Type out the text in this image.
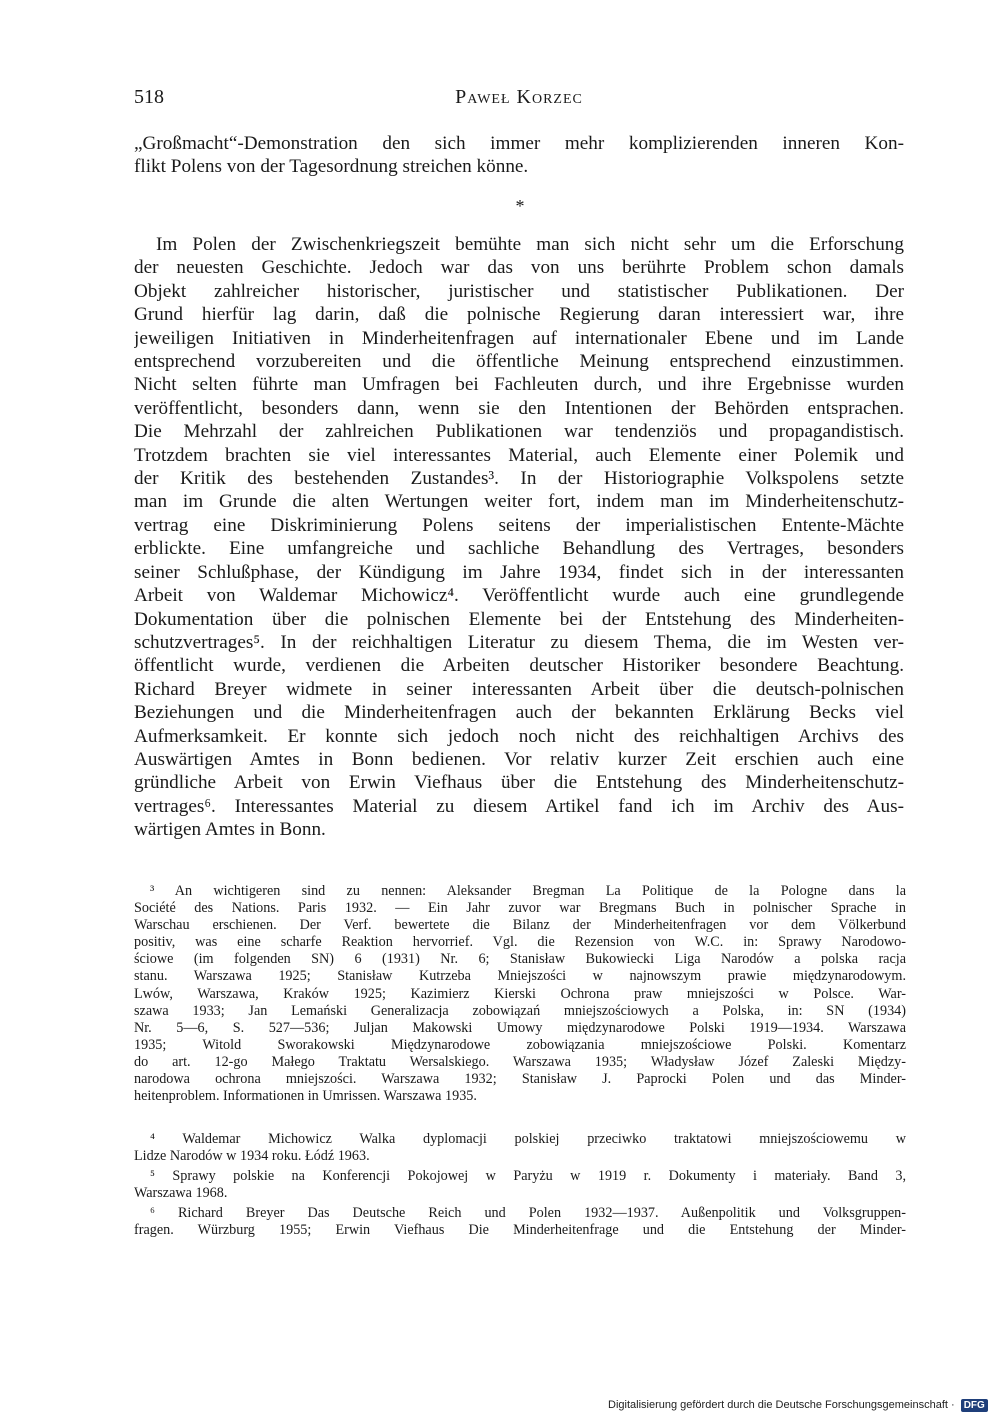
518	Paweł Korzec
„Großmacht“-Demonstration den sich immer mehr komplizierenden inneren Kon-
flikt Polens von der Tagesordnung streichen könne.
*
Im Polen der Zwischenkriegszeit bemühte man sich nicht sehr um die Erforschung
der neuesten Geschichte. Jedoch war das von uns berührte Problem schon damals
Objekt zahlreicher historischer, juristischer und statistischer Publikationen. Der
Grund hierfür lag darin, daß die polnische Regierung daran interessiert war, ihre
jeweiligen Initiativen in Minderheitenfragen auf internationaler Ebene und im Lande
entsprechend vorzubereiten und die öffentliche Meinung entsprechend einzustimmen.
Nicht selten führte man Umfragen bei Fachleuten durch, und ihre Ergebnisse wurden
veröffentlicht, besonders dann, wenn sie den Intentionen der Behörden entsprachen.
Die Mehrzahl der zahlreichen Publikationen war tendenziös und propagandistisch.
Trotzdem brachten sie viel interessantes Material, auch Elemente einer Polemik und
der Kritik des bestehenden Zustandes³. In der Historiographie Volkspolens setzte
man im Grunde die alten Wertungen weiter fort, indem man im Minderheitenschutz-
vertrag eine Diskriminierung Polens seitens der imperialistischen Entente-Mächte
erblickte. Eine umfangreiche und sachliche Behandlung des Vertrages, besonders
seiner Schlußphase, der Kündigung im Jahre 1934, findet sich in der interessanten
Arbeit von Waldemar Michowicz⁴. Veröffentlicht wurde auch eine grundlegende
Dokumentation über die polnischen Elemente bei der Entstehung des Minderheiten-
schutzvertrages⁵. In der reichhaltigen Literatur zu diesem Thema, die im Westen ver-
öffentlicht wurde, verdienen die Arbeiten deutscher Historiker besondere Beachtung.
Richard Breyer widmete in seiner interessanten Arbeit über die deutsch-polnischen
Beziehungen und die Minderheitenfragen auch der bekannten Erklärung Becks viel
Aufmerksamkeit. Er konnte sich jedoch noch nicht des reichhaltigen Archivs des
Auswärtigen Amtes in Bonn bedienen. Vor relativ kurzer Zeit erschien auch eine
gründliche Arbeit von Erwin Viefhaus über die Entstehung des Minderheitenschutz-
vertrages⁶. Interessantes Material zu diesem Artikel fand ich im Archiv des Aus-
wärtigen Amtes in Bonn.
³ An wichtigeren sind zu nennen: Aleksander Bregman La Politique de la Pologne dans la
Société des Nations. Paris 1932. — Ein Jahr zuvor war Bregmans Buch in polnischer Sprache in
Warschau erschienen. Der Verf. bewertete die Bilanz der Minderheitenfragen vor dem Völkerbund
positiv, was eine scharfe Reaktion hervorrief. Vgl. die Rezension von W.C. in: Sprawy Narodowo-
ściowe (im folgenden SN) 6 (1931) Nr. 6; Stanisław Bukowiecki Liga Narodów a polska racja
stanu. Warszawa 1925; Stanisław Kutrzeba Mniejszości w najnowszym prawie międzynarodowym.
Lwów, Warszawa, Kraków 1925; Kazimierz Kierski Ochrona praw mniejszości w Polsce. War-
szawa 1933; Jan Lemański Generalizacja zobowiązań mniejszościowych a Polska, in: SN (1934)
Nr. 5—6, S. 527—536; Juljan Makowski Umowy międzynarodowe Polski 1919—1934. Warszawa
1935; Witold Sworakowski Międzynarodowe zobowiązania mniejszościowe Polski. Komentarz
do art. 12-go Małego Traktatu Wersalskiego. Warszawa 1935; Władysław Józef Zaleski Między-
narodowa ochrona mniejszości. Warszawa 1932; Stanisław J. Paprocki Polen und das Minder-
heitenproblem. Informationen in Umrissen. Warszawa 1935.
⁴ Waldemar Michowicz Walka dyplomacji polskiej przeciwko traktatowi mniejszościowemu w
Lidze Narodów w 1934 roku. Łódź 1963.
⁵ Sprawy polskie na Konferencji Pokojowej w Paryżu w 1919 r. Dokumenty i materiały. Band 3,
Warszawa 1968.
⁶ Richard Breyer Das Deutsche Reich und Polen 1932—1937. Außenpolitik und Volksgruppen-
fragen. Würzburg 1955; Erwin Viefhaus Die Minderheitenfrage und die Entstehung der Minder-
Digitalisierung gefördert durch die Deutsche Forschungsgemeinschaft · DFG
